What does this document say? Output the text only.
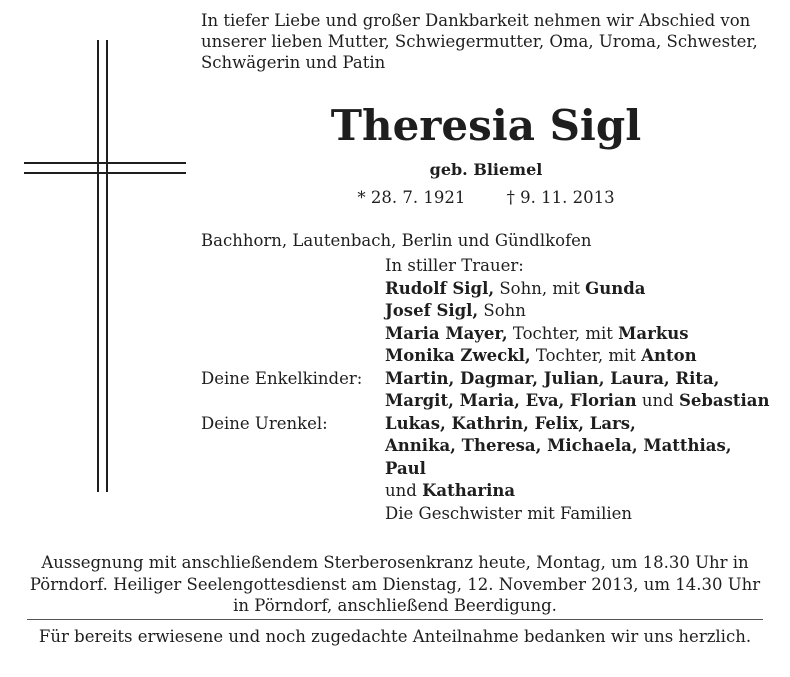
In tiefer Liebe und großer Dankbarkeit nehmen wir Abschied von
unserer lieben Mutter, Schwiegermutter, Oma, Uroma, Schwester,
Schwägerin und Patin
Theresia Sigl
geb. Bliemel
* 28. 7. 1921	† 9. 11. 2013
Bachhorn, Lautenbach, Berlin und Gündlkofen
In stiller Trauer:
Rudolf Sigl, Sohn, mit Gunda
Josef Sigl, Sohn
Maria Mayer, Tochter, mit Markus
Monika Zweckl, Tochter, mit Anton
Deine Enkelkinder:	Martin, Dagmar, Julian, Laura, Rita,
Margit, Maria, Eva, Florian und Sebastian
Deine Urenkel:	Lukas, Kathrin, Felix, Lars,
Annika, Theresa, Michaela, Matthias, Paul
und Katharina
Die Geschwister mit Familien
Aussegnung mit anschließendem Sterberosenkranz heute, Montag, um 18.30 Uhr in
Pörndorf. Heiliger Seelengottesdienst am Dienstag, 12. November 2013, um 14.30 Uhr
in Pörndorf, anschließend Beerdigung.
Für bereits erwiesene und noch zugedachte Anteilnahme bedanken wir uns herzlich.
